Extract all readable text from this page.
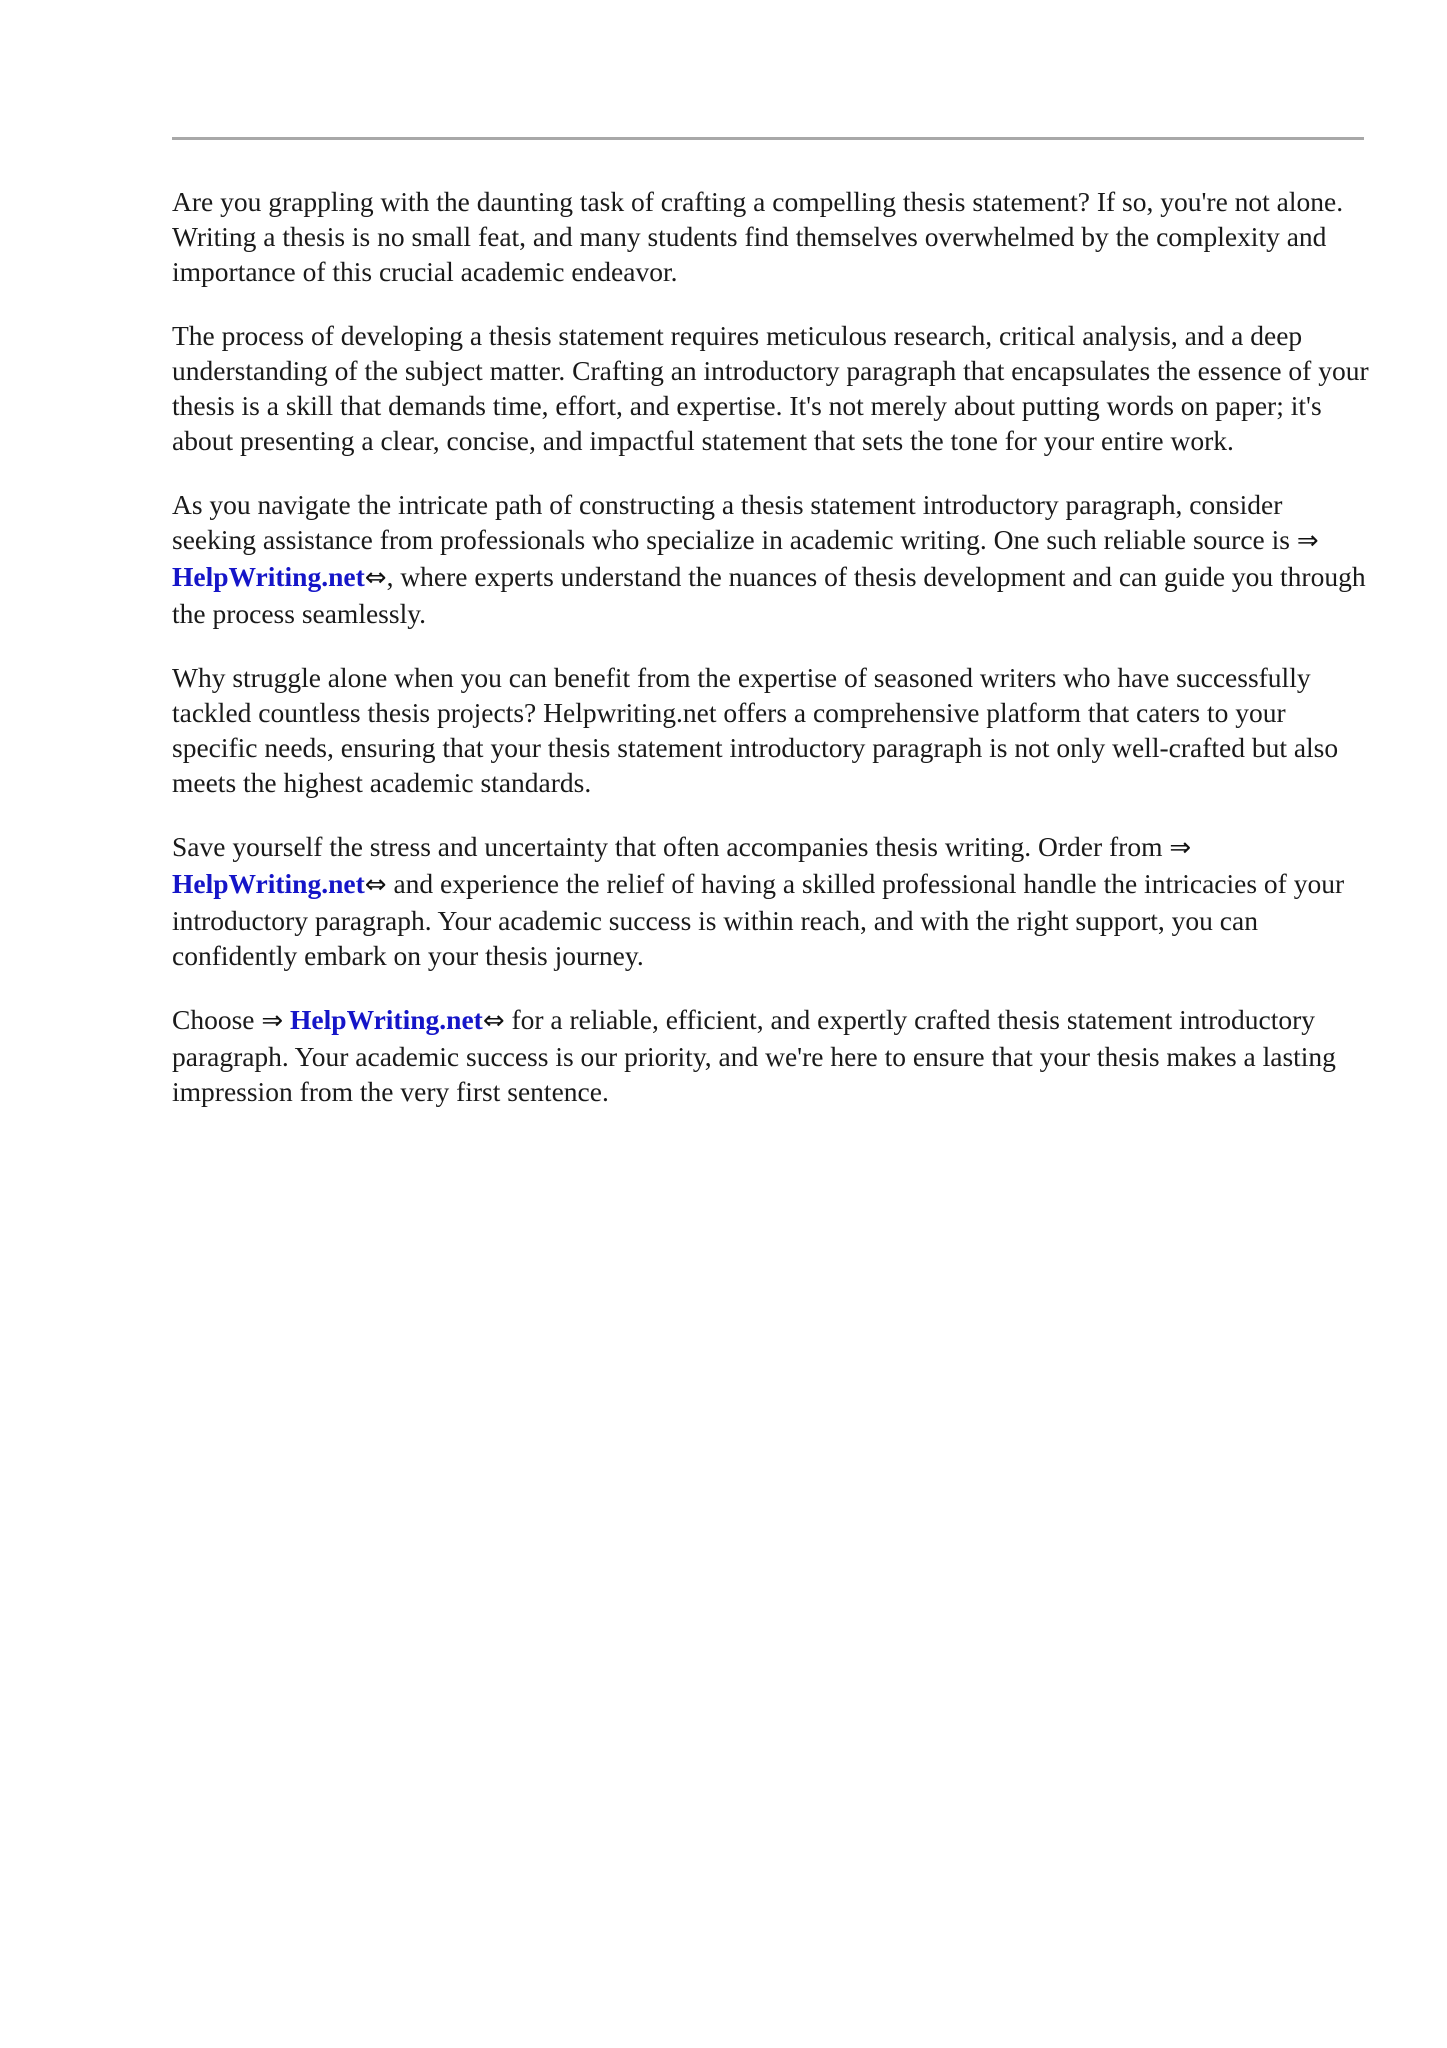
Are you grappling with the daunting task of crafting a compelling thesis statement? If so, you're not alone. Writing a thesis is no small feat, and many students find themselves overwhelmed by the complexity and importance of this crucial academic endeavor.

The process of developing a thesis statement requires meticulous research, critical analysis, and a deep understanding of the subject matter. Crafting an introductory paragraph that encapsulates the essence of your thesis is a skill that demands time, effort, and expertise. It's not merely about putting words on paper; it's about presenting a clear, concise, and impactful statement that sets the tone for your entire work.

As you navigate the intricate path of constructing a thesis statement introductory paragraph, consider seeking assistance from professionals who specialize in academic writing. One such reliable source is ⇒ HelpWriting.net⇔, where experts understand the nuances of thesis development and can guide you through the process seamlessly.

Why struggle alone when you can benefit from the expertise of seasoned writers who have successfully tackled countless thesis projects? Helpwriting.net offers a comprehensive platform that caters to your specific needs, ensuring that your thesis statement introductory paragraph is not only well-crafted but also meets the highest academic standards.

Save yourself the stress and uncertainty that often accompanies thesis writing. Order from ⇒ HelpWriting.net⇔ and experience the relief of having a skilled professional handle the intricacies of your introductory paragraph. Your academic success is within reach, and with the right support, you can confidently embark on your thesis journey.

Choose ⇒ HelpWriting.net⇔ for a reliable, efficient, and expertly crafted thesis statement introductory paragraph. Your academic success is our priority, and we're here to ensure that your thesis makes a lasting impression from the very first sentence.
